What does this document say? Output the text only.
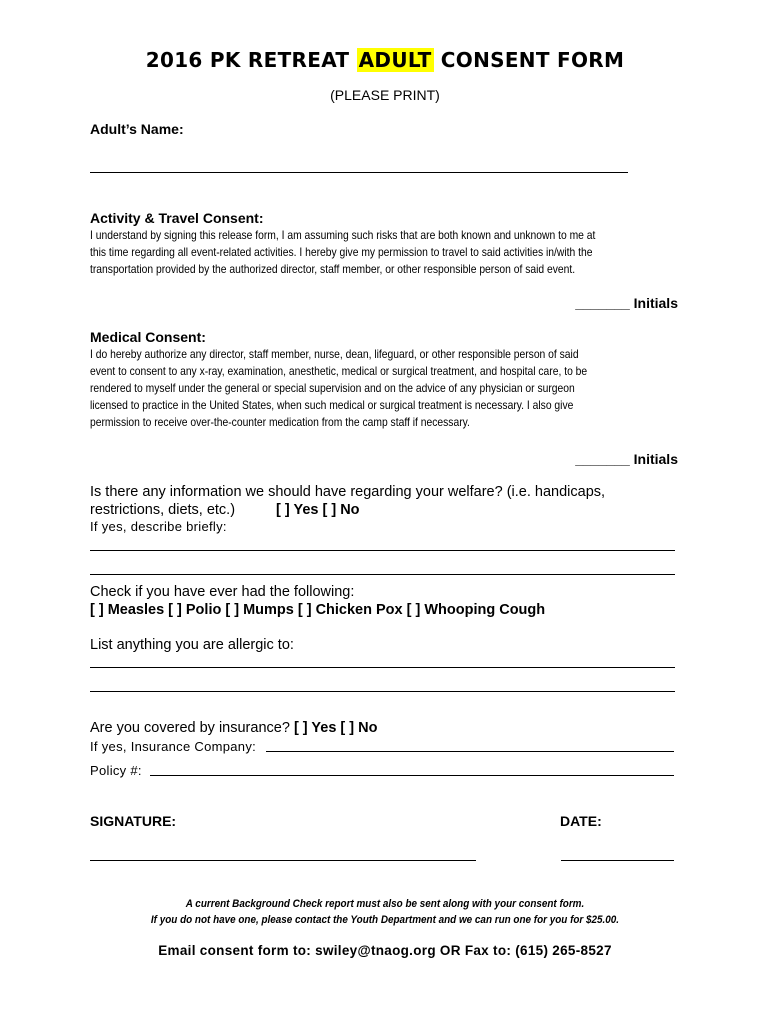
2016 PK RETREAT ADULT CONSENT FORM
(PLEASE PRINT)
Adult’s Name:
Activity & Travel Consent:
I understand by signing this release form, I am assuming such risks that are both known and unknown to me at
this time regarding all event-related activities. I hereby give my permission to travel to said activities in/with the
transportation provided by the authorized director, staff member, or other responsible person of said event.
_______ Initials
Medical Consent:
I do hereby authorize any director, staff member, nurse, dean, lifeguard, or other responsible person of said
event to consent to any x-ray, examination, anesthetic, medical or surgical treatment, and hospital care, to be
rendered to myself under the general or special supervision and on the advice of any physician or surgeon
licensed to practice in the United States, when such medical or surgical treatment is necessary. I also give
permission to receive over-the-counter medication from the camp staff if necessary.
_______ Initials
Is there any information we should have regarding your welfare? (i.e. handicaps,
restrictions, diets, etc.)	[ ] Yes [ ] No
If yes, describe briefly:
Check if you have ever had the following:
[ ] Measles [ ] Polio [ ] Mumps [ ] Chicken Pox [ ] Whooping Cough
List anything you are allergic to:
Are you covered by insurance? [ ] Yes [ ] No
If yes, Insurance Company:
Policy #:
SIGNATURE:	DATE:
A current Background Check report must also be sent along with your consent form.
If you do not have one, please contact the Youth Department and we can run one for you for $25.00.
Email consent form to: swiley@tnaog.org OR Fax to: (615) 265-8527
